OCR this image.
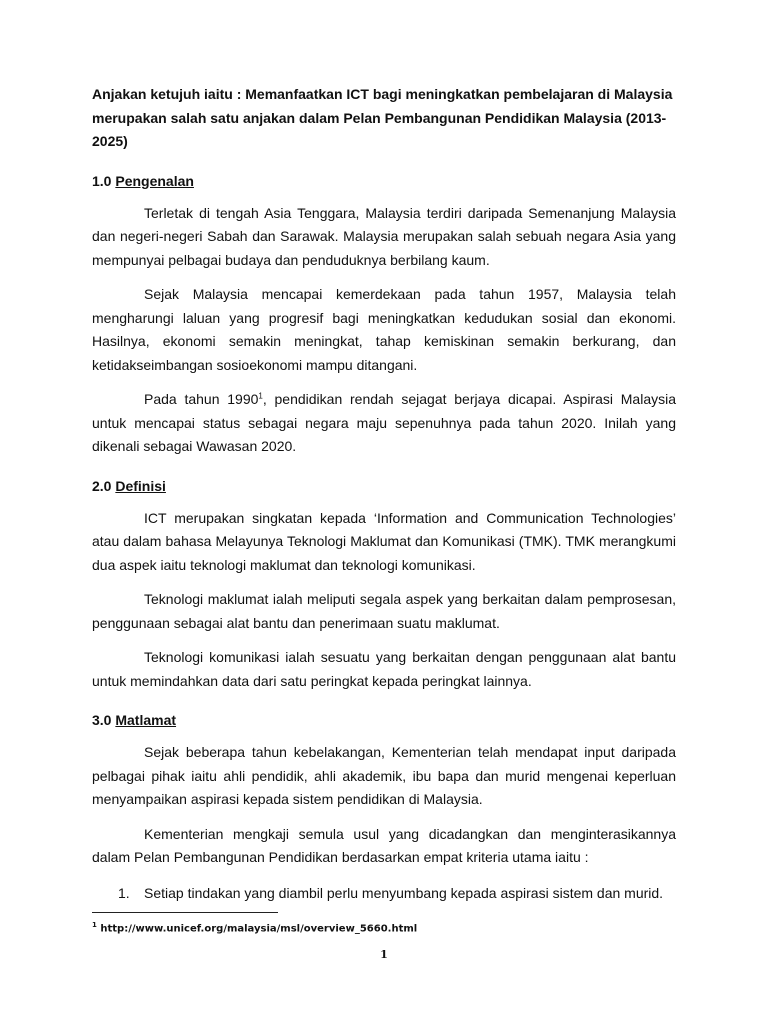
Anjakan ketujuh iaitu : Memanfaatkan ICT bagi meningkatkan pembelajaran di Malaysia merupakan salah satu anjakan dalam Pelan Pembangunan Pendidikan Malaysia (2013-2025)

1.0 Pengenalan

Terletak di tengah Asia Tenggara, Malaysia terdiri daripada Semenanjung Malaysia dan negeri-negeri Sabah dan Sarawak. Malaysia merupakan salah sebuah negara Asia yang mempunyai pelbagai budaya dan penduduknya berbilang kaum.

Sejak Malaysia mencapai kemerdekaan pada tahun 1957, Malaysia telah mengharungi laluan yang progresif bagi meningkatkan kedudukan sosial dan ekonomi. Hasilnya, ekonomi semakin meningkat, tahap kemiskinan semakin berkurang, dan ketidakseimbangan sosioekonomi mampu ditangani.

Pada tahun 1990$^1$, pendidikan rendah sejagat berjaya dicapai. Aspirasi Malaysia untuk mencapai status sebagai negara maju sepenuhnya pada tahun 2020. Inilah yang dikenali sebagai Wawasan 2020.

2.0 Definisi

ICT merupakan singkatan kepada ‘Information and Communication Technologies’ atau dalam bahasa Melayunya Teknologi Maklumat dan Komunikasi (TMK). TMK merangkumi dua aspek iaitu teknologi maklumat dan teknologi komunikasi.

Teknologi maklumat ialah meliputi segala aspek yang berkaitan dalam pemprosesan, penggunaan sebagai alat bantu dan penerimaan suatu maklumat.

Teknologi komunikasi ialah sesuatu yang berkaitan dengan penggunaan alat bantu untuk memindahkan data dari satu peringkat kepada peringkat lainnya.

3.0 Matlamat

Sejak beberapa tahun kebelakangan, Kementerian telah mendapat input daripada pelbagai pihak iaitu ahli pendidik, ahli akademik, ibu bapa dan murid mengenai keperluan menyampaikan aspirasi kepada sistem pendidikan di Malaysia.

Kementerian mengkaji semula usul yang dicadangkan dan menginterasikannya dalam Pelan Pembangunan Pendidikan berdasarkan empat kriteria utama iaitu :

1.	Setiap tindakan yang diambil perlu menyumbang kepada aspirasi sistem dan murid.
$^1$ http://www.unicef.org/malaysia/msl/overview_5660.html
1
